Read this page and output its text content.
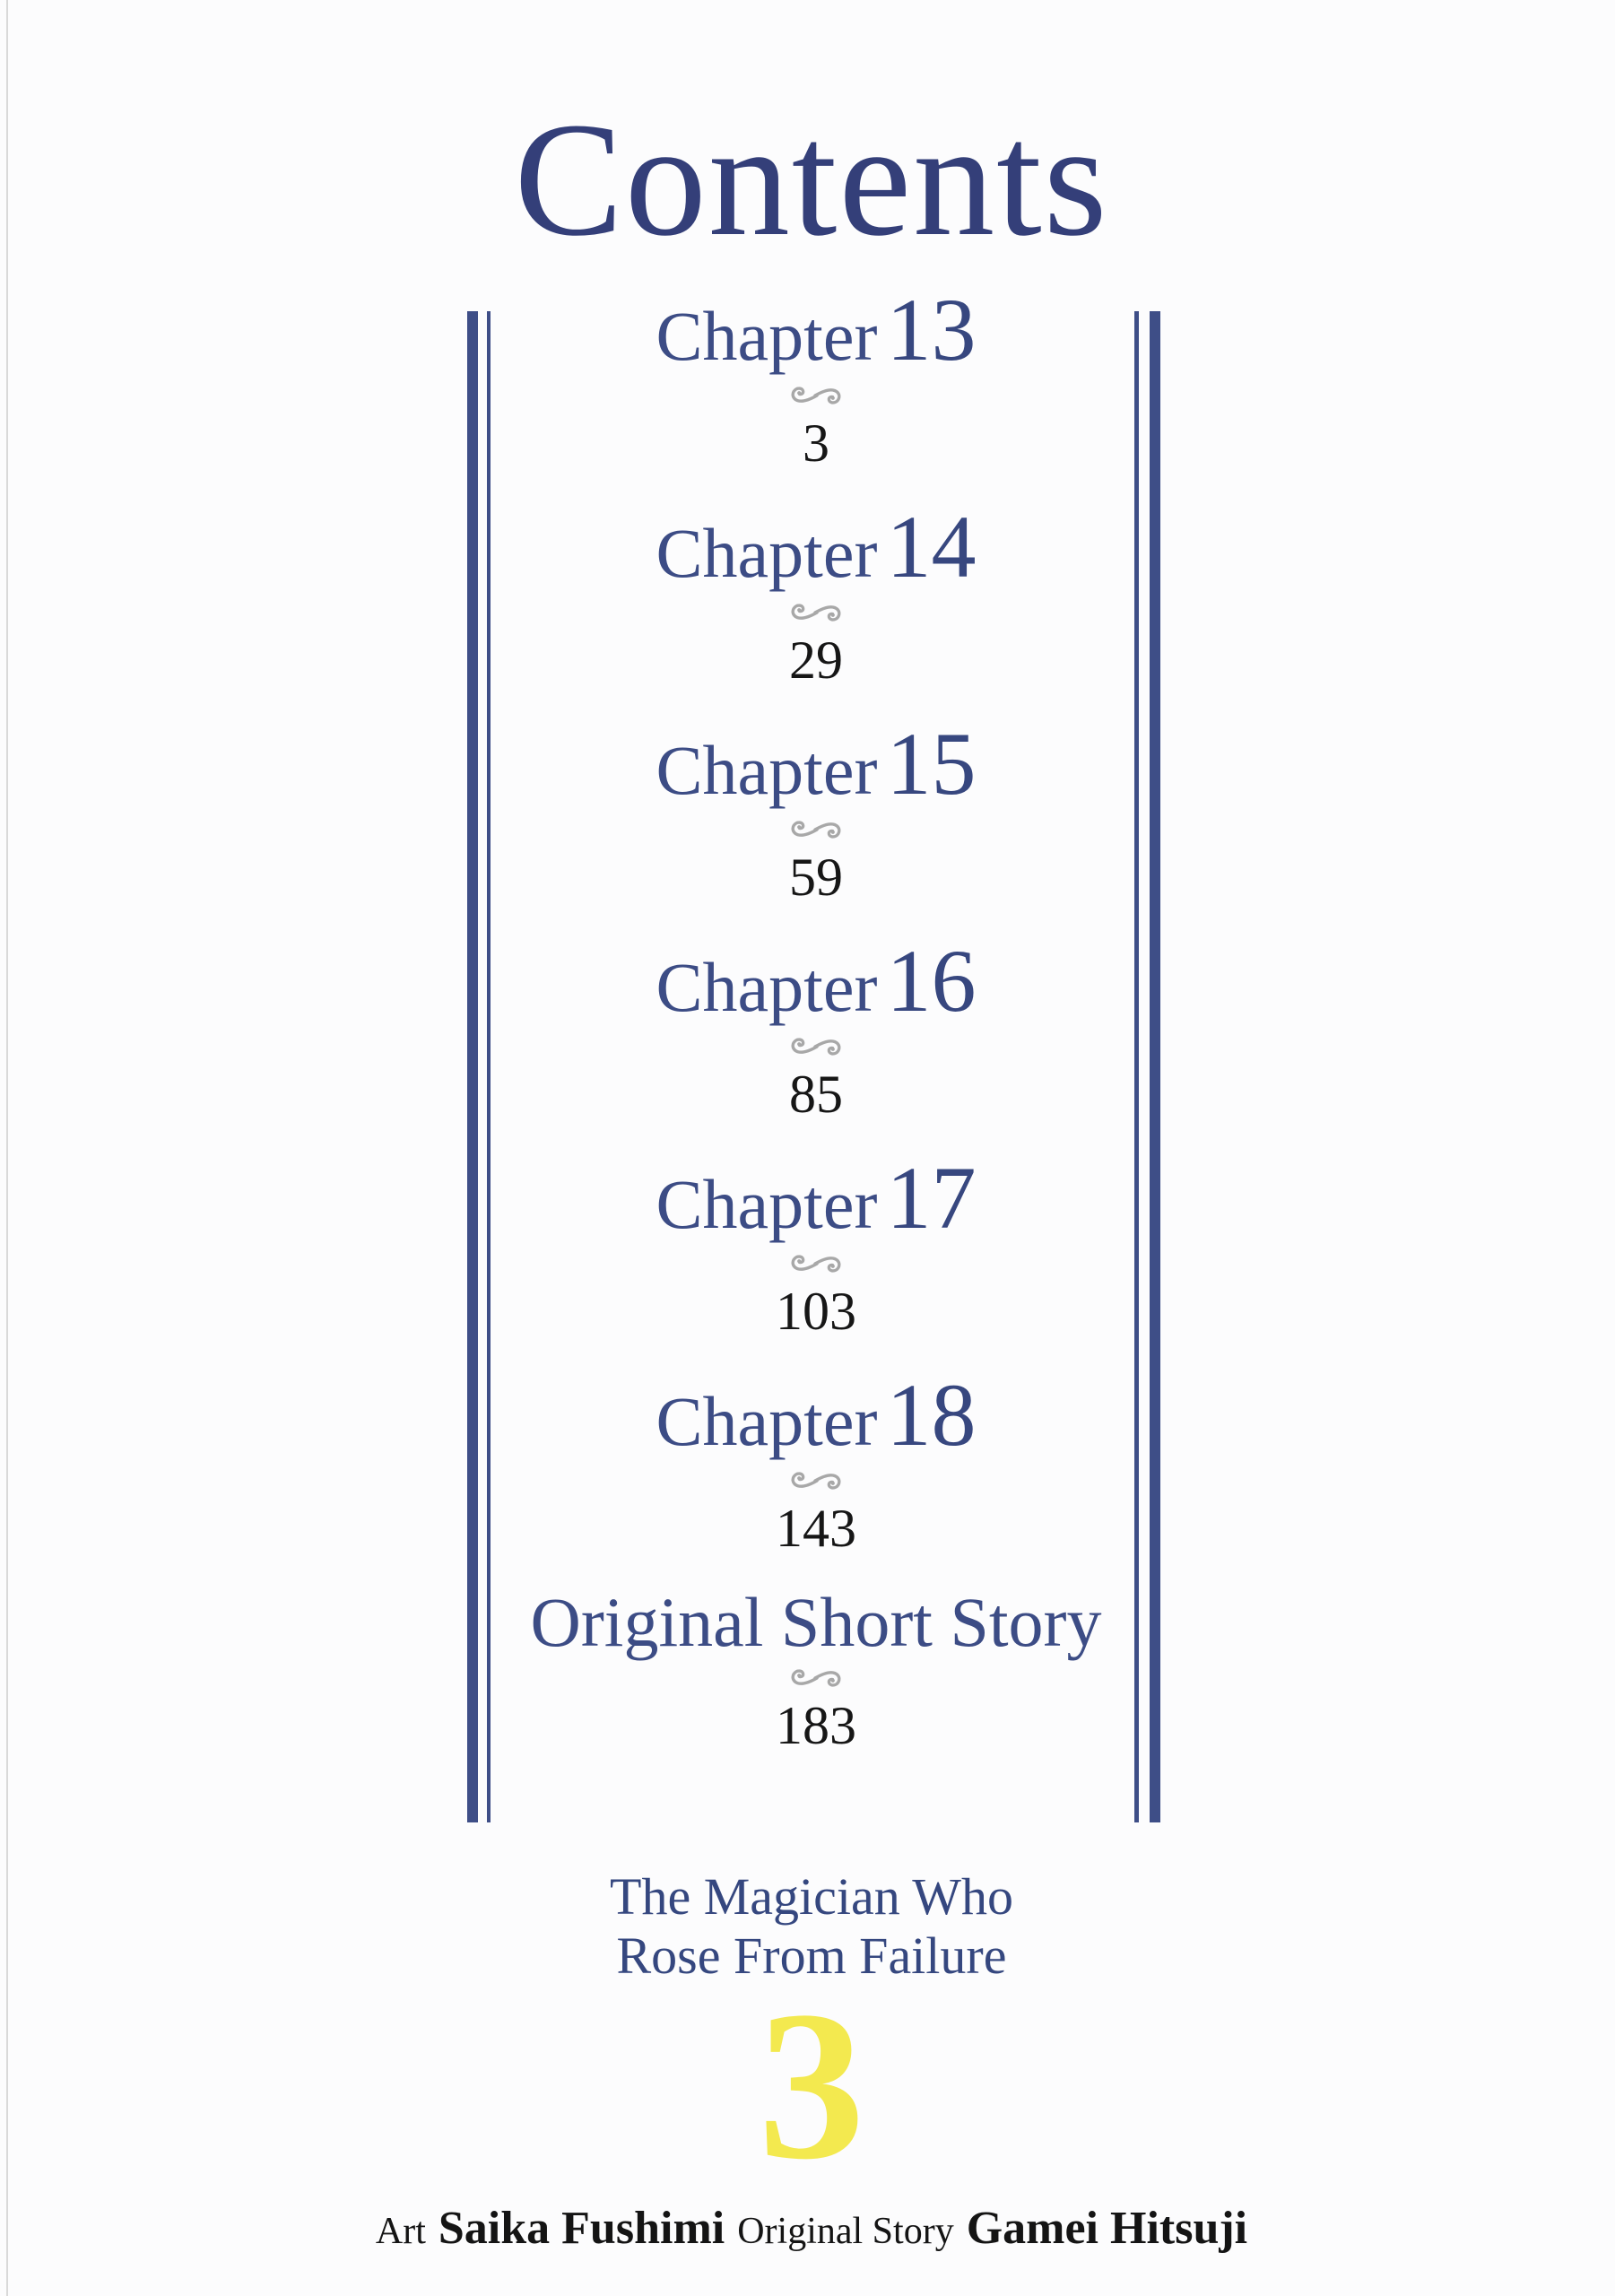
Contents
Chapter 13
3
Chapter 14
29
Chapter 15
59
Chapter 16
85
Chapter 17
103
Chapter 18
143
Original Short Story
183
The Magician Who
Rose From Failure
3
Art Saika Fushimi Original Story Gamei Hitsuji
